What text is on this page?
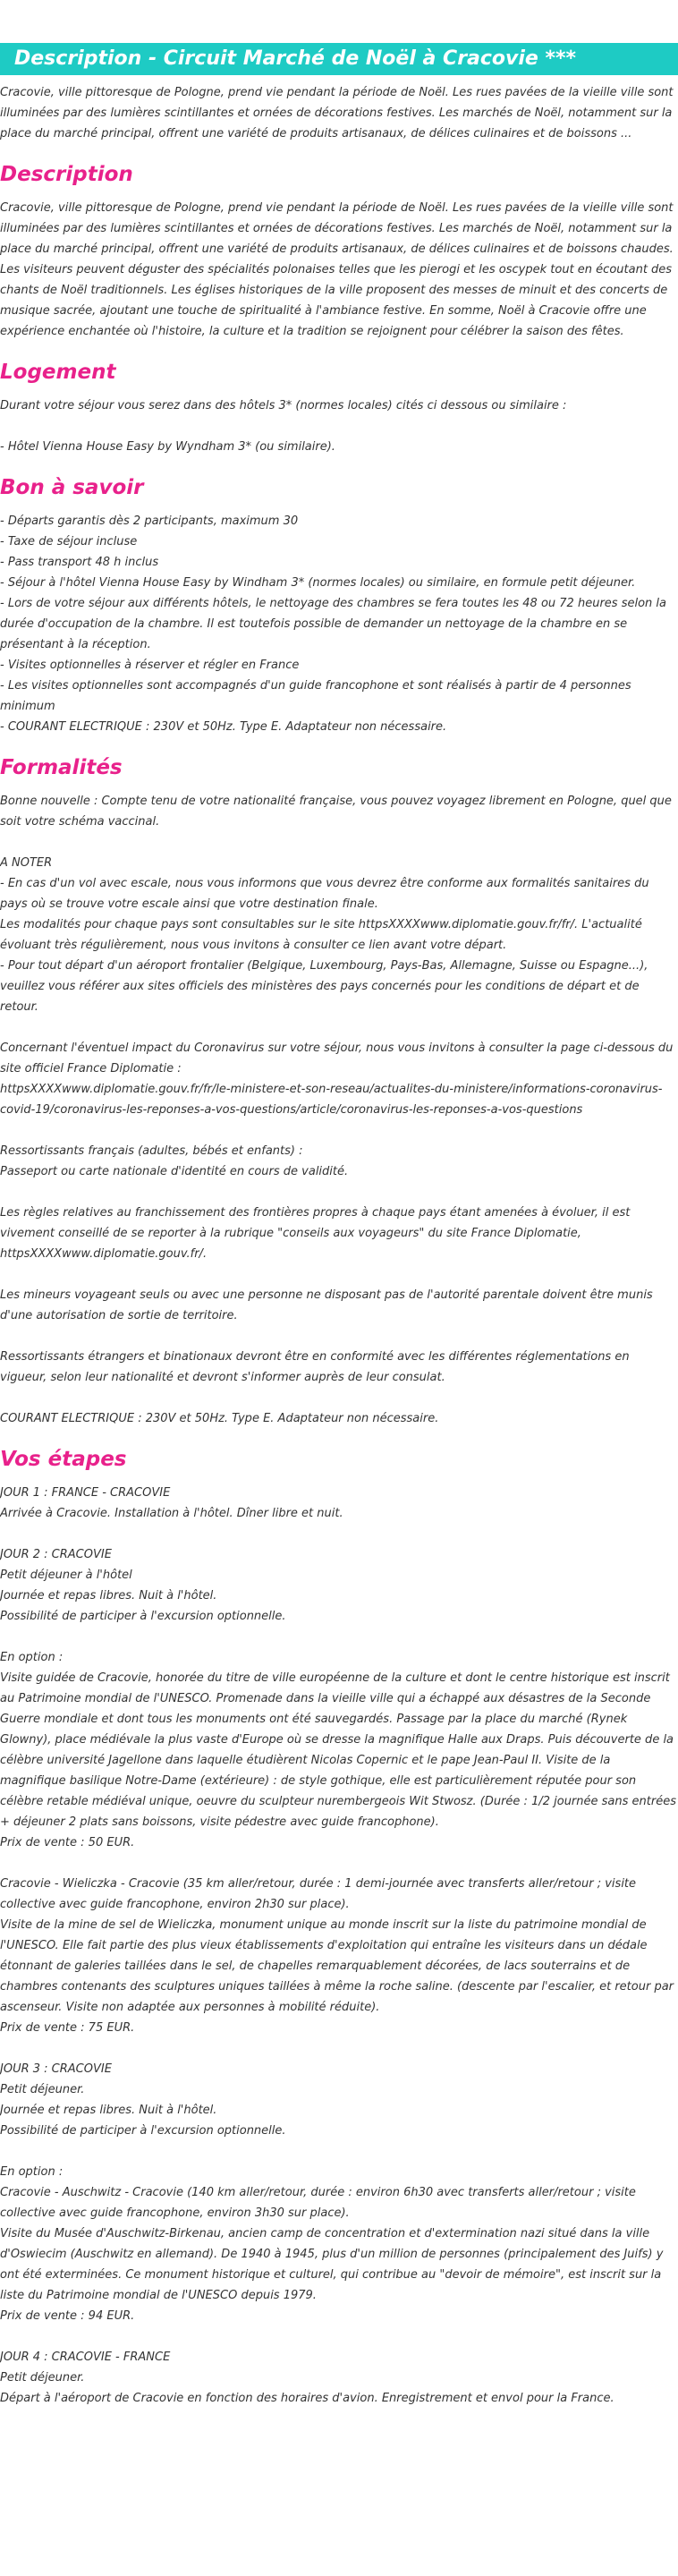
Description - Circuit Marché de Noël à Cracovie ***
Cracovie, ville pittoresque de Pologne, prend vie pendant la période de Noël. Les rues pavées de la vieille ville sont illuminées par des lumières scintillantes et ornées de décorations festives. Les marchés de Noël, notamment sur la place du marché principal, offrent une variété de produits artisanaux, de délices culinaires et de boissons ...
Description
Cracovie, ville pittoresque de Pologne, prend vie pendant la période de Noël. Les rues pavées de la vieille ville sont illuminées par des lumières scintillantes et ornées de décorations festives. Les marchés de Noël, notamment sur la place du marché principal, offrent une variété de produits artisanaux, de délices culinaires et de boissons chaudes. Les visiteurs peuvent déguster des spécialités polonaises telles que les pierogi et les oscypek tout en écoutant des chants de Noël traditionnels. Les églises historiques de la ville proposent des messes de minuit et des concerts de musique sacrée, ajoutant une touche de spiritualité à l'ambiance festive. En somme, Noël à Cracovie offre une expérience enchantée où l'histoire, la culture et la tradition se rejoignent pour célébrer la saison des fêtes.
Logement
Durant votre séjour vous serez dans des hôtels 3* (normes locales) cités ci dessous ou similaire :
- Hôtel Vienna House Easy by Wyndham 3* (ou similaire).
Bon à savoir
- Départs garantis dès 2 participants, maximum 30
- Taxe de séjour incluse
- Pass transport 48 h inclus
- Séjour à l'hôtel Vienna House Easy by Windham 3* (normes locales) ou similaire, en formule petit déjeuner.
- Lors de votre séjour aux différents hôtels, le nettoyage des chambres se fera toutes les 48 ou 72 heures selon la durée d'occupation de la chambre. Il est toutefois possible de demander un nettoyage de la chambre en se présentant à la réception.
- Visites optionnelles à réserver et régler en France
- Les visites optionnelles sont accompagnés d'un guide francophone et sont réalisés à partir de 4 personnes minimum
- COURANT ELECTRIQUE : 230V et 50Hz. Type E. Adaptateur non nécessaire.
Formalités
Bonne nouvelle : Compte tenu de votre nationalité française, vous pouvez voyagez librement en Pologne, quel que soit votre schéma vaccinal.
A NOTER
- En cas d'un vol avec escale, nous vous informons que vous devrez être conforme aux formalités sanitaires du pays où se trouve votre escale ainsi que votre destination finale.
Les modalités pour chaque pays sont consultables sur le site httpsXXXXwww.diplomatie.gouv.fr/fr/. L'actualité évoluant très régulièrement, nous vous invitons à consulter ce lien avant votre départ.
- Pour tout départ d'un aéroport frontalier (Belgique, Luxembourg, Pays-Bas, Allemagne, Suisse ou Espagne...), veuillez vous référer aux sites officiels des ministères des pays concernés pour les conditions de départ et de retour.
Concernant l'éventuel impact du Coronavirus sur votre séjour, nous vous invitons à consulter la page ci-dessous du site officiel France Diplomatie :
httpsXXXXwww.diplomatie.gouv.fr/fr/le-ministere-et-son-reseau/actualites-du-ministere/informations-coronavirus-covid-19/coronavirus-les-reponses-a-vos-questions/article/coronavirus-les-reponses-a-vos-questions
Ressortissants français (adultes, bébés et enfants) :
Passeport ou carte nationale d'identité en cours de validité.
Les règles relatives au franchissement des frontières propres à chaque pays étant amenées à évoluer, il est vivement conseillé de se reporter à la rubrique "conseils aux voyageurs" du site France Diplomatie, httpsXXXXwww.diplomatie.gouv.fr/.
Les mineurs voyageant seuls ou avec une personne ne disposant pas de l'autorité parentale doivent être munis d'une autorisation de sortie de territoire.
Ressortissants étrangers et binationaux devront être en conformité avec les différentes réglementations en vigueur, selon leur nationalité et devront s'informer auprès de leur consulat.
COURANT ELECTRIQUE : 230V et 50Hz. Type E. Adaptateur non nécessaire.
Vos étapes
JOUR 1 : FRANCE - CRACOVIE
Arrivée à Cracovie. Installation à l'hôtel. Dîner libre et nuit.
JOUR 2 : CRACOVIE
Petit déjeuner à l'hôtel
Journée et repas libres. Nuit à l'hôtel.
Possibilité de participer à l'excursion optionnelle.
En option :
Visite guidée de Cracovie, honorée du titre de ville européenne de la culture et dont le centre historique est inscrit au Patrimoine mondial de l'UNESCO. Promenade dans la vieille ville qui a échappé aux désastres de la Seconde Guerre mondiale et dont tous les monuments ont été sauvegardés. Passage par la place du marché (Rynek Glowny), place médiévale la plus vaste d'Europe où se dresse la magnifique Halle aux Draps. Puis découverte de la célèbre université Jagellone dans laquelle étudièrent Nicolas Copernic et le pape Jean-Paul II. Visite de la magnifique basilique Notre-Dame (extérieure) : de style gothique, elle est particulièrement réputée pour son célèbre retable médiéval unique, oeuvre du sculpteur nurembergeois Wit Stwosz. (Durée : 1/2 journée sans entrées + déjeuner 2 plats sans boissons, visite pédestre avec guide francophone).
Prix de vente : 50 EUR.
Cracovie - Wieliczka - Cracovie (35 km aller/retour, durée : 1 demi-journée avec transferts aller/retour ; visite collective avec guide francophone, environ 2h30 sur place).
Visite de la mine de sel de Wieliczka, monument unique au monde inscrit sur la liste du patrimoine mondial de l'UNESCO. Elle fait partie des plus vieux établissements d'exploitation qui entraîne les visiteurs dans un dédale étonnant de galeries taillées dans le sel, de chapelles remarquablement décorées, de lacs souterrains et de chambres contenants des sculptures uniques taillées à même la roche saline. (descente par l'escalier, et retour par ascenseur. Visite non adaptée aux personnes à mobilité réduite).
Prix de vente : 75 EUR.
JOUR 3 : CRACOVIE
Petit déjeuner.
Journée et repas libres. Nuit à l'hôtel.
Possibilité de participer à l'excursion optionnelle.
En option :
Cracovie - Auschwitz - Cracovie (140 km aller/retour, durée : environ 6h30 avec transferts aller/retour ; visite collective avec guide francophone, environ 3h30 sur place).
Visite du Musée d'Auschwitz-Birkenau, ancien camp de concentration et d'extermination nazi situé dans la ville d'Oswiecim (Auschwitz en allemand). De 1940 à 1945, plus d'un million de personnes (principalement des Juifs) y ont été exterminées. Ce monument historique et culturel, qui contribue au "devoir de mémoire", est inscrit sur la liste du Patrimoine mondial de l'UNESCO depuis 1979.
Prix de vente : 94 EUR.
JOUR 4 : CRACOVIE - FRANCE
Petit déjeuner.
Départ à l'aéroport de Cracovie en fonction des horaires d'avion. Enregistrement et envol pour la France.
